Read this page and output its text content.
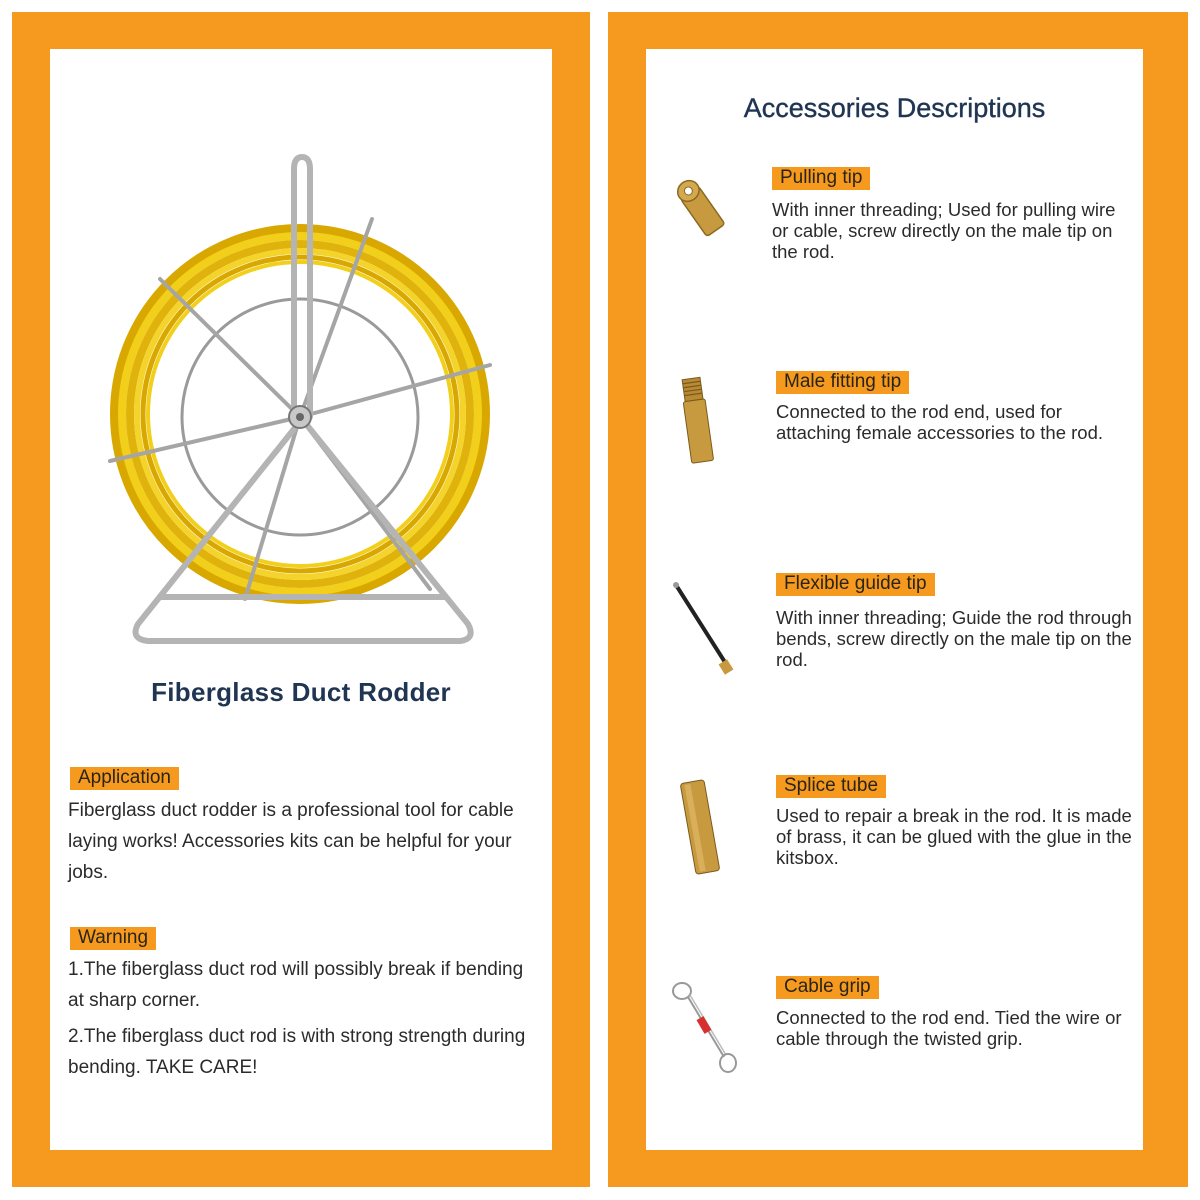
Fiberglass Duct Rodder
Application
Fiberglass duct rodder is a professional tool for cable laying works! Accessories kits can be helpful for your jobs.
Warning
1.The fiberglass duct rod will possibly break if bending at sharp corner.
2.The fiberglass duct rod is with strong strength during bending. TAKE CARE!
Accessories Descriptions
Pulling tip
With inner threading; Used for pulling wire or cable, screw directly on the male tip on the rod.
Male fitting tip
Connected to the rod end, used for attaching female accessories to the rod.
Flexible guide tip
With inner threading; Guide the rod through bends, screw directly on the male tip on the rod.
Splice tube
Used to repair a break in the rod. It is made of brass, it can be glued with the glue in the kitsbox.
Cable grip
Connected to the rod end. Tied the wire or cable through the twisted grip.
